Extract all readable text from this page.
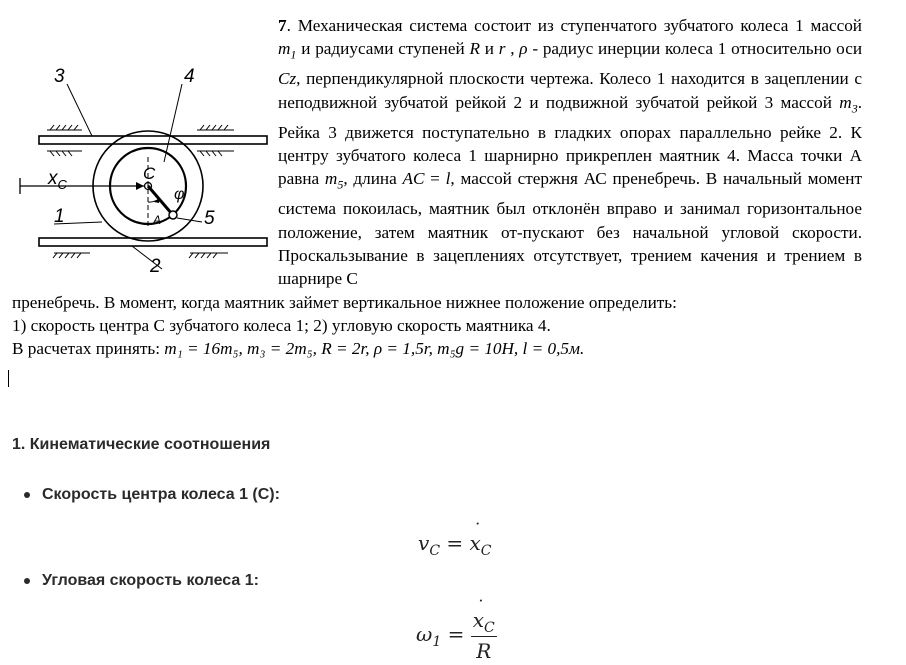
3	4
$x_C$
C
φ
1	A 5
2

7. Механическая система состоит из ступенчатого зубчатого колеса 1 массой $m_1$ и радиусами ступеней R и r , ρ - радиус инерции колеса 1 относительно оси Cz, перпендикулярной плоскости чертежа. Колесо 1 находится в зацеплении с неподвижной зубчатой рейкой 2 и подвижной зубчатой рейкой 3 массой $m_3$. Рейка 3 движется поступательно в гладких опорах параллельно рейке 2. К центру зубчатого колеса 1 шарнирно прикреплен маятник 4. Масса точки А равна $m_5$, длина AC = l, массой стержня АС пренебречь. В начальный момент система покоилась, маятник был отклонён вправо и занимал горизонтальное положение, затем маятник от-пускают без начальной угловой скорости. Проскальзывание в зацеплениях отсутствует, трением качения и трением в шарнире С

пренебречь. В момент, когда маятник займет вертикальное нижнее положение определить:
1) скорость центра С зубчатого колеса 1; 2) угловую скорость маятника 4.
В расчетах принять: m₁ = 16m₅, m₃ = 2m₅, R = 2r, ρ = 1,5r, m₅g = 10H, l = 0,5м.
1. Кинематические соотношения
Скорость центра колеса 1 (C):
$v_C$ = ˙ $x_C$
Угловая скорость колеса 1:
$\omega_1$ =
˙ $\frac{x_C}{R}$
